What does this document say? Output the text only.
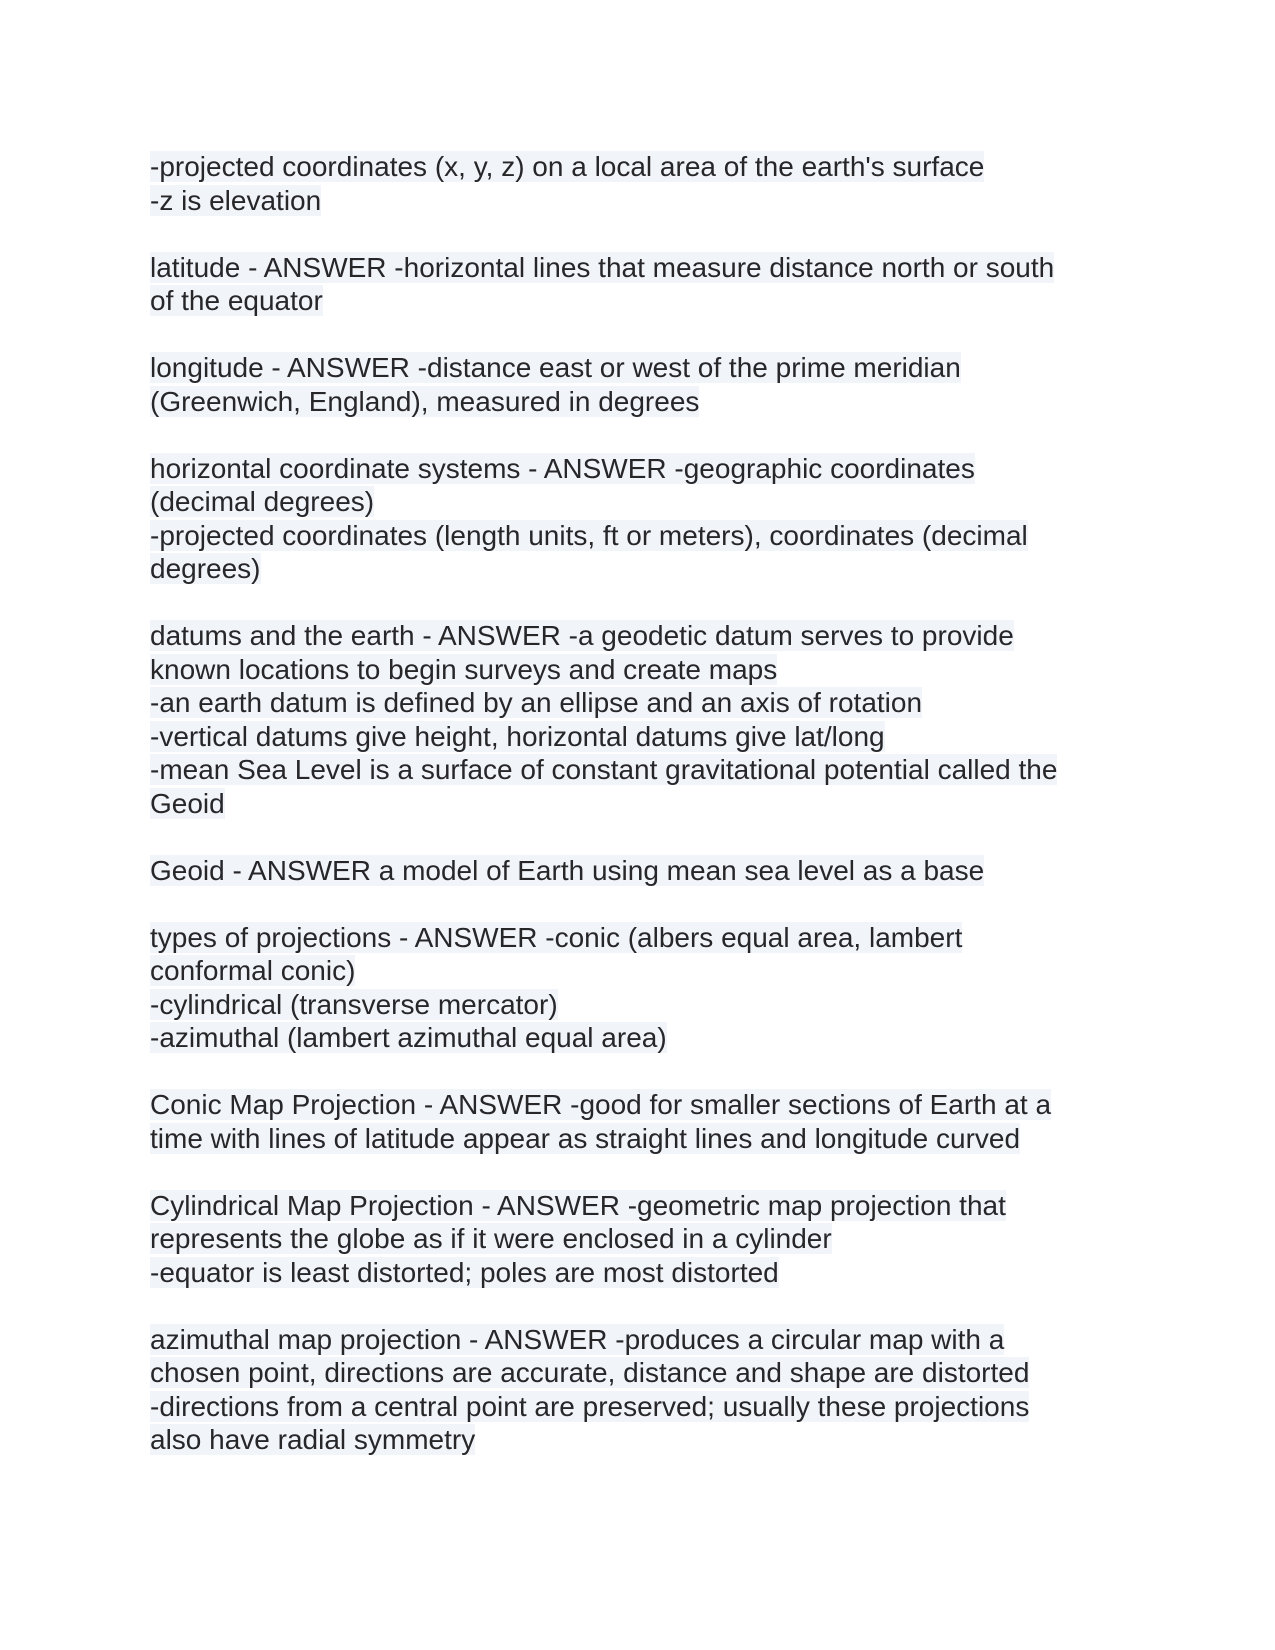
-projected coordinates (x, y, z) on a local area of the earth's surface
-z is elevation
latitude - ANSWER -horizontal lines that measure distance north or south
of the equator
longitude - ANSWER -distance east or west of the prime meridian
(Greenwich, England), measured in degrees
horizontal coordinate systems - ANSWER -geographic coordinates
(decimal degrees)
-projected coordinates (length units, ft or meters), coordinates (decimal
degrees)
datums and the earth - ANSWER -a geodetic datum serves to provide
known locations to begin surveys and create maps
-an earth datum is defined by an ellipse and an axis of rotation
-vertical datums give height, horizontal datums give lat/long
-mean Sea Level is a surface of constant gravitational potential called the
Geoid
Geoid - ANSWER a model of Earth using mean sea level as a base
types of projections - ANSWER -conic (albers equal area, lambert
conformal conic)
-cylindrical (transverse mercator)
-azimuthal (lambert azimuthal equal area)
Conic Map Projection - ANSWER -good for smaller sections of Earth at a
time with lines of latitude appear as straight lines and longitude curved
Cylindrical Map Projection - ANSWER -geometric map projection that
represents the globe as if it were enclosed in a cylinder
-equator is least distorted; poles are most distorted
azimuthal map projection - ANSWER -produces a circular map with a
chosen point, directions are accurate, distance and shape are distorted
-directions from a central point are preserved; usually these projections
also have radial symmetry
